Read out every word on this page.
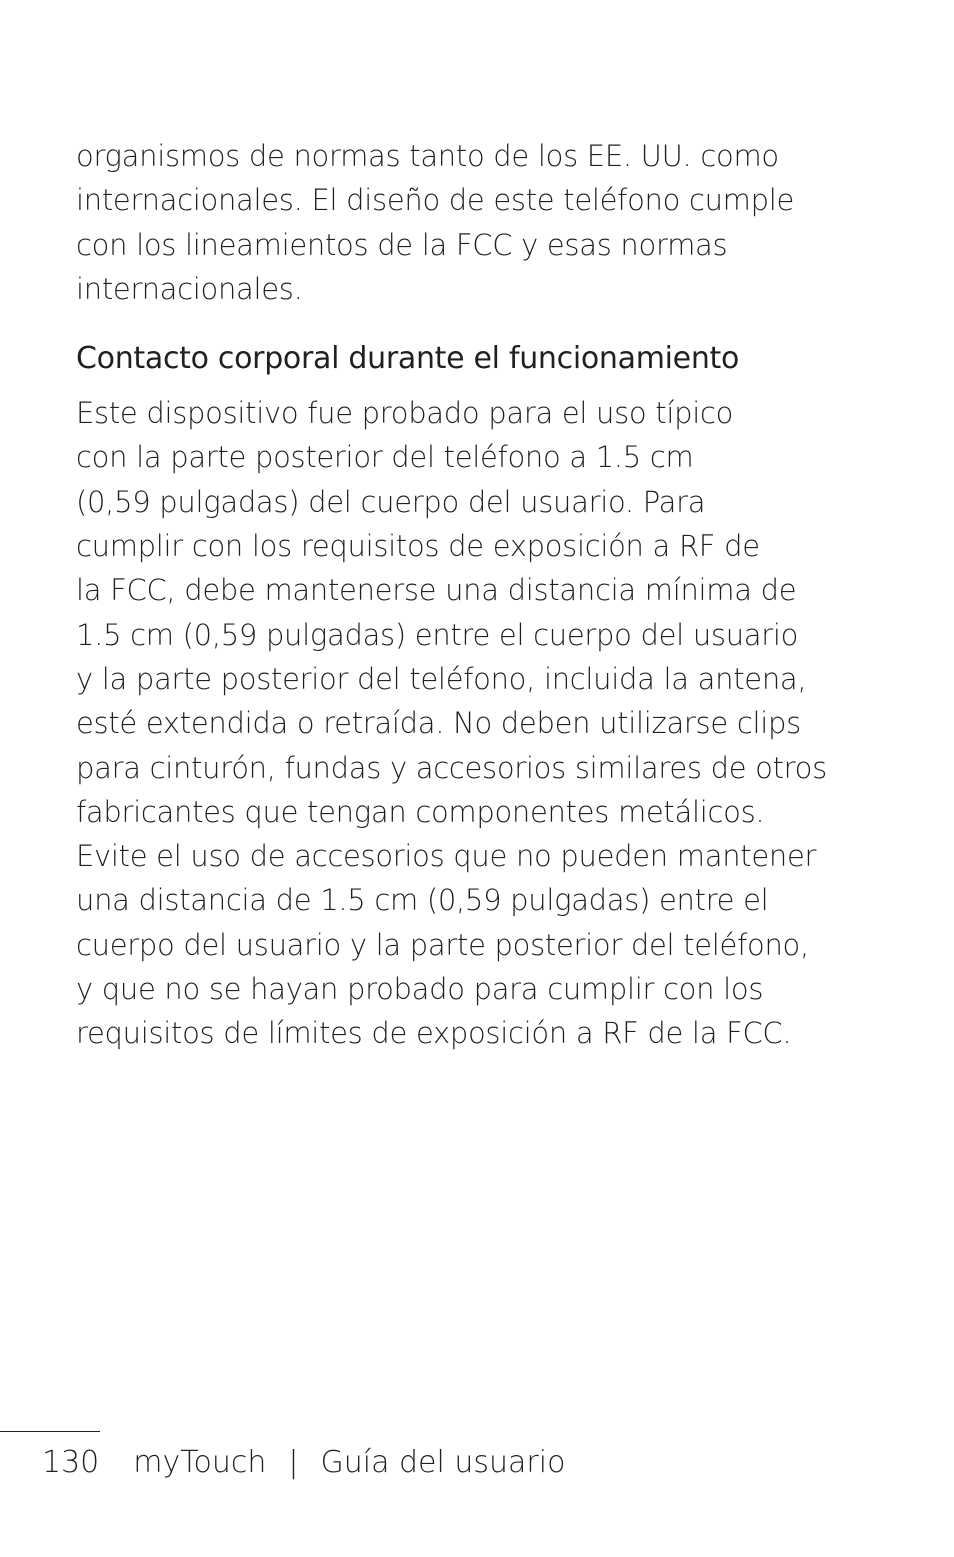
organismos de normas tanto de los EE. UU. como
internacionales. El diseño de este teléfono cumple
con los lineamientos de la FCC y esas normas
internacionales.
Contacto corporal durante el funcionamiento
Este dispositivo fue probado para el uso típico
con la parte posterior del teléfono a 1.5 cm
(0,59 pulgadas) del cuerpo del usuario. Para
cumplir con los requisitos de exposición a RF de
la FCC, debe mantenerse una distancia mínima de
1.5 cm (0,59 pulgadas) entre el cuerpo del usuario
y la parte posterior del teléfono, incluida la antena,
esté extendida o retraída. No deben utilizarse clips
para cinturón, fundas y accesorios similares de otros
fabricantes que tengan componentes metálicos.
Evite el uso de accesorios que no pueden mantener
una distancia de 1.5 cm (0,59 pulgadas) entre el
cuerpo del usuario y la parte posterior del teléfono,
y que no se hayan probado para cumplir con los
requisitos de límites de exposición a RF de la FCC.
130 myTouch | Guía del usuario
